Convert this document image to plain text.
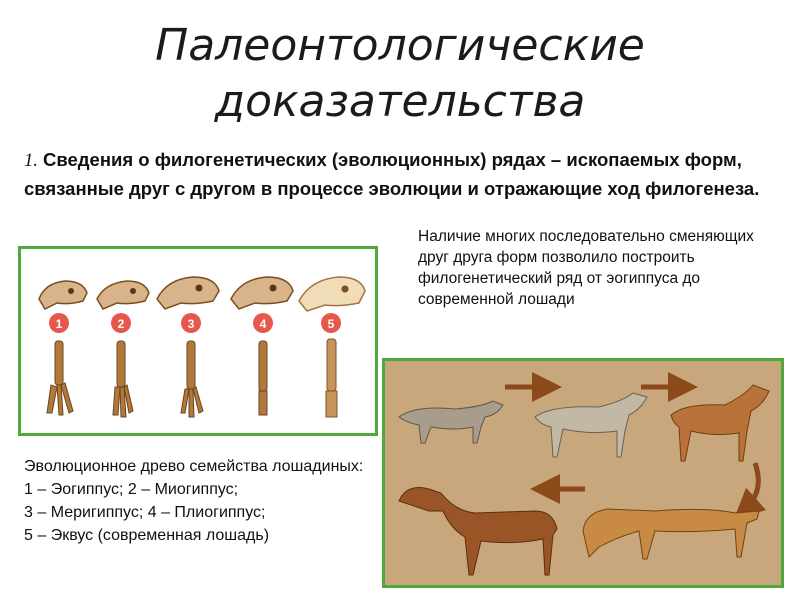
Палеонтологические
доказательства
1. Сведения о филогенетических (эволюционных) рядах – ископаемых форм, связанные друг с другом в процессе эволюции и отражающие ход филогенеза.
1	2	3	4	5
Наличие многих последовательно сменяющих друг друга форм позволило построить филогенетический ряд от эогиппуса до современной лошади
Эволюционное древо семейства лошадиных:
1 – Эогиппус; 2 – Миогиппус;
3 – Меригиппус; 4 – Плиогиппус;
5 – Эквус (современная лошадь)
